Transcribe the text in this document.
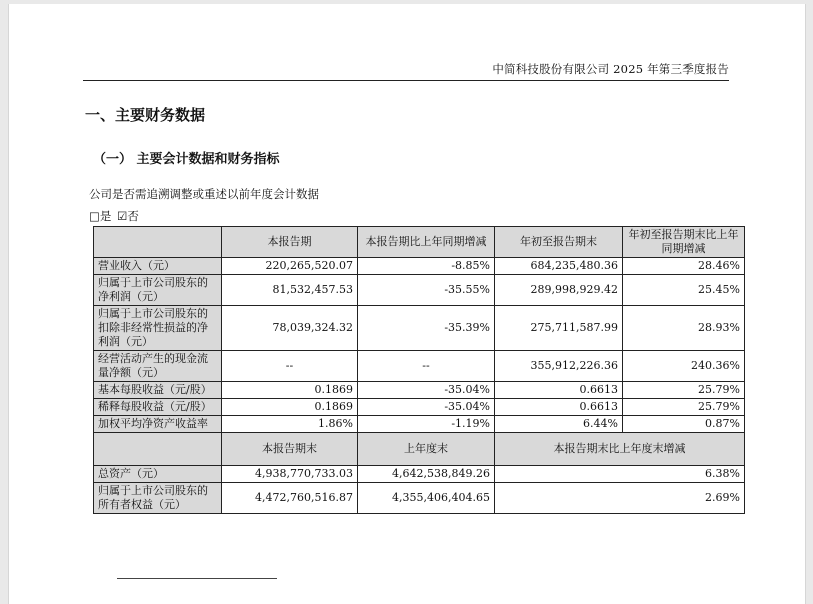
中简科技股份有限公司 2025 年第三季度报告
一、主要财务数据
（一） 主要会计数据和财务指标
公司是否需追溯调整或重述以前年度会计数据
□是 ☑否
	本报告期	本报告期比上年同期增减	年初至报告期末	年初至报告期末比上年同期增减
营业收入（元）	220,265,520.07	-8.85%	684,235,480.36	28.46%
归属于上市公司股东的净利润（元）	81,532,457.53	-35.55%	289,998,929.42	25.45%
归属于上市公司股东的扣除非经常性损益的净利润（元）	78,039,324.32	-35.39%	275,711,587.99	28.93%
经营活动产生的现金流量净额（元）	--	--	355,912,226.36	240.36%
基本每股收益（元/股）	0.1869	-35.04%	0.6613	25.79%
稀释每股收益（元/股）	0.1869	-35.04%	0.6613	25.79%
加权平均净资产收益率	1.86%	-1.19%	6.44%	0.87%
	本报告期末	上年度末	本报告期末比上年度末增减	
总资产（元）	4,938,770,733.03	4,642,538,849.26	6.38%	
归属于上市公司股东的所有者权益（元）	4,472,760,516.87	4,355,406,404.65	2.69%	
